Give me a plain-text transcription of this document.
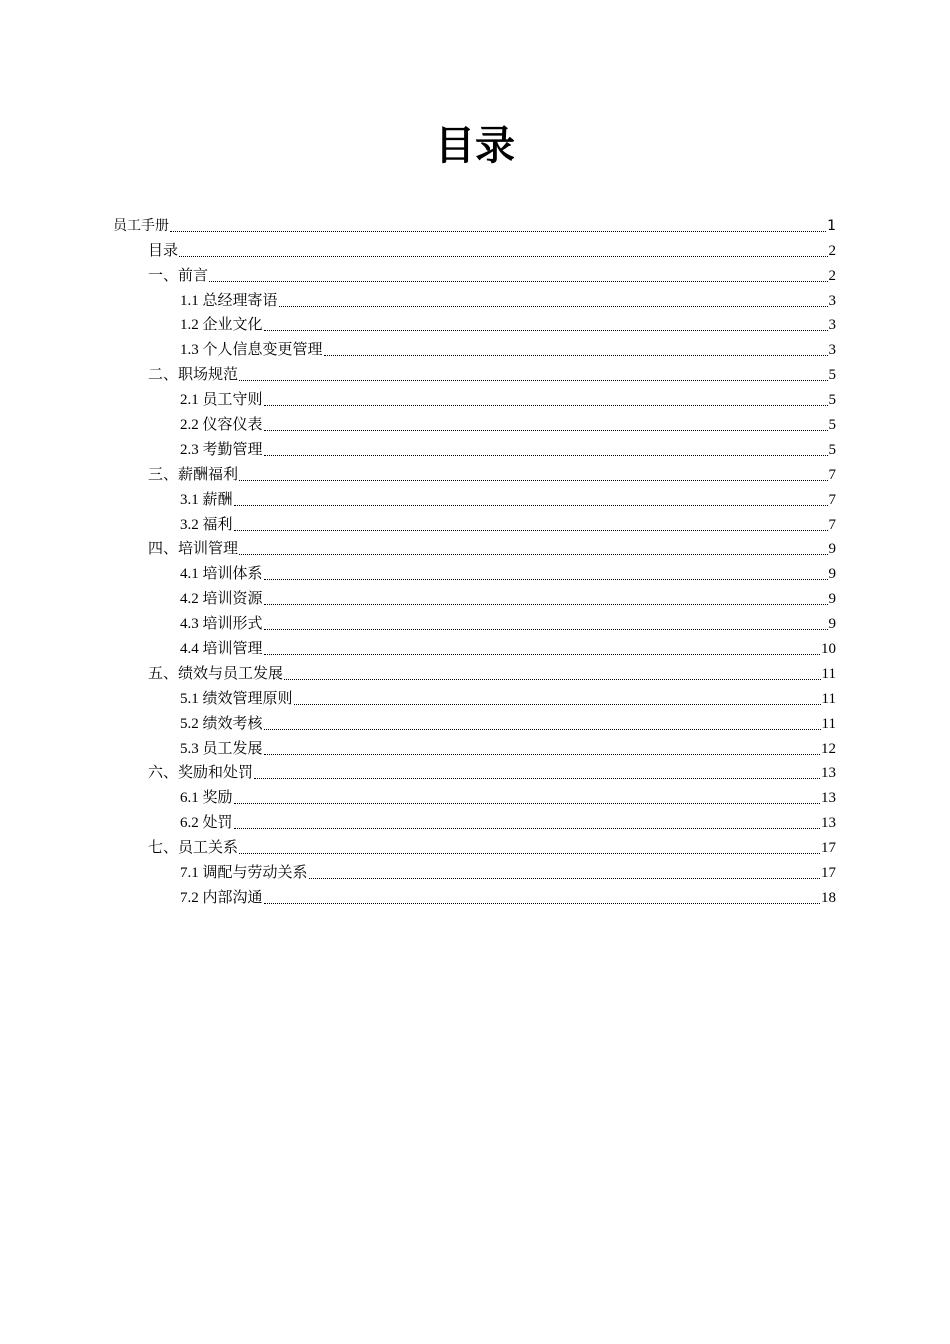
目录
员工手册	1
目录	2
一、前言	2
1.1 总经理寄语	3
1.2 企业文化	3
1.3 个人信息变更管理	3
二、职场规范	5
2.1 员工守则	5
2.2 仪容仪表	5
2.3 考勤管理	5
三、薪酬福利	7
3.1 薪酬	7
3.2 福利	7
四、培训管理	9
4.1 培训体系	9
4.2 培训资源	9
4.3 培训形式	9
4.4 培训管理	10
五、绩效与员工发展	11
5.1 绩效管理原则	11
5.2 绩效考核	11
5.3 员工发展	12
六、奖励和处罚	13
6.1 奖励	13
6.2 处罚	13
七、员工关系	17
7.1 调配与劳动关系	17
7.2 内部沟通	18
